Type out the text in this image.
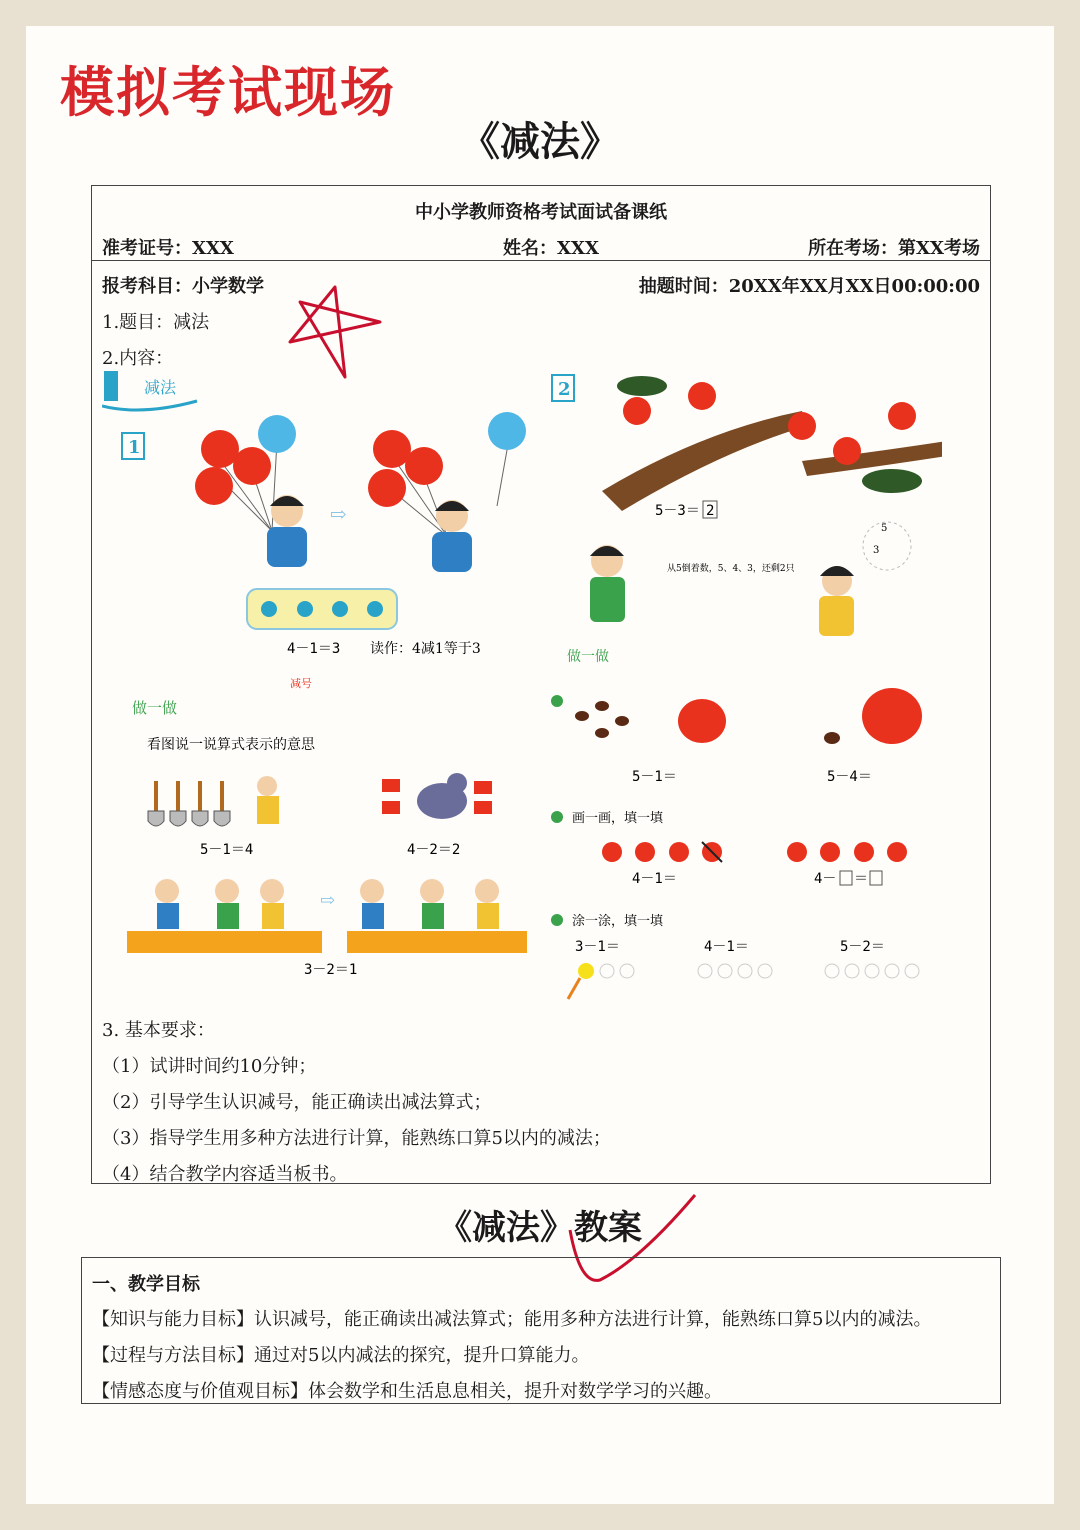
模拟考试现场
《减法》
中小学教师资格考试面试备课纸
准考证号：XXX	姓名：XXX	所在考场：第XX考场
报考科目：小学数学	抽题时间：20XX年XX月XX日00:00:00
1.题目：减法
2.内容：
减法
1
2
⇨
4－1＝3 读作：4减1等于3
减号
做一做
看图说一说算式表示的意思
5－1＝4	4－2＝2
⇨
3－2＝1
5－3＝ 2
从5倒着数，5、4、3，还剩2只
5
3
做一做
5－1＝	5－4＝
画一画，填一填
4－1＝	4－ ＝
涂一涂，填一填
3－1＝	4－1＝	5－2＝
3. 基本要求：
（1）试讲时间约10分钟；
（2）引导学生认识减号，能正确读出减法算式；
（3）指导学生用多种方法进行计算，能熟练口算5以内的减法；
（4）结合教学内容适当板书。
《减法》教案
一、教学目标
【知识与能力目标】认识减号，能正确读出减法算式；能用多种方法进行计算，能熟练口算5以内的减法。
【过程与方法目标】通过对5以内减法的探究，提升口算能力。
【情感态度与价值观目标】体会数学和生活息息相关，提升对数学学习的兴趣。
